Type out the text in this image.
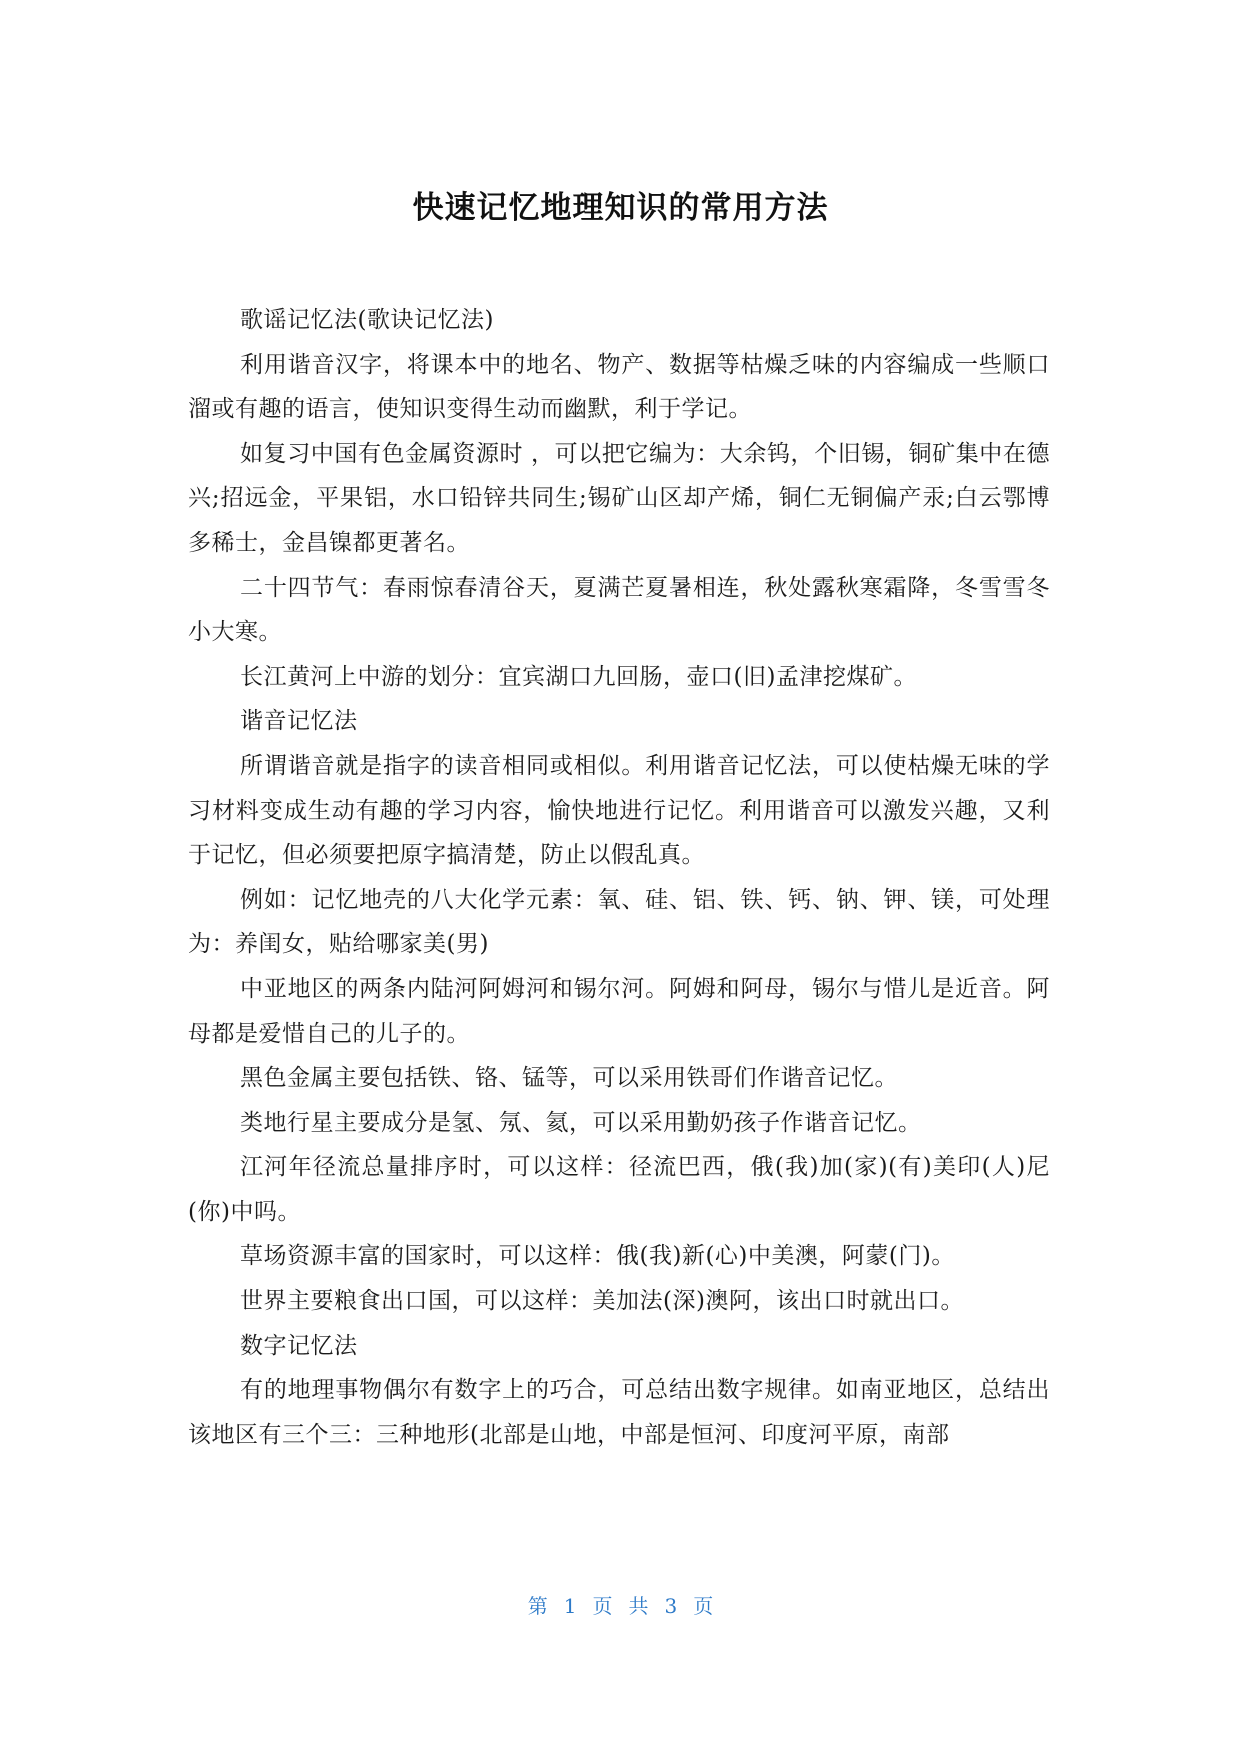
快速记忆地理知识的常用方法

歌谣记忆法(歌诀记忆法)

利用谐音汉字，将课本中的地名、物产、数据等枯燥乏味的内容编成一些顺口溜或有趣的语言，使知识变得生动而幽默，利于学记。

如复习中国有色金属资源时 ，可以把它编为：大余钨，个旧锡，铜矿集中在德兴;招远金，平果铝，水口铅锌共同生;锡矿山区却产烯，铜仁无铜偏产汞;白云鄂博多稀士，金昌镍都更著名。

二十四节气：春雨惊春清谷天，夏满芒夏暑相连，秋处露秋寒霜降，冬雪雪冬小大寒。

长江黄河上中游的划分：宜宾湖口九回肠，壶口(旧)孟津挖煤矿。

谐音记忆法

所谓谐音就是指字的读音相同或相似。利用谐音记忆法，可以使枯燥无味的学习材料变成生动有趣的学习内容，愉快地进行记忆。利用谐音可以激发兴趣，又利于记忆，但必须要把原字搞清楚，防止以假乱真。

例如：记忆地壳的八大化学元素：氧、硅、铝、铁、钙、钠、钾、镁，可处理为：养闺女，贴给哪家美(男)

中亚地区的两条内陆河阿姆河和锡尔河。阿姆和阿母，锡尔与惜儿是近音。阿母都是爱惜自己的儿子的。

黑色金属主要包括铁、铬、锰等，可以采用铁哥们作谐音记忆。

类地行星主要成分是氢、氖、氦，可以采用勤奶孩子作谐音记忆。

江河年径流总量排序时，可以这样：径流巴西，俄(我)加(家)(有)美印(人)尼(你)中吗。

草场资源丰富的国家时，可以这样：俄(我)新(心)中美澳，阿蒙(门)。

世界主要粮食出口国，可以这样：美加法(深)澳阿，该出口时就出口。

数字记忆法

有的地理事物偶尔有数字上的巧合，可总结出数字规律。如南亚地区，总结出该地区有三个三：三种地形(北部是山地，中部是恒河、印度河平原，南部

第 1 页 共 3 页
